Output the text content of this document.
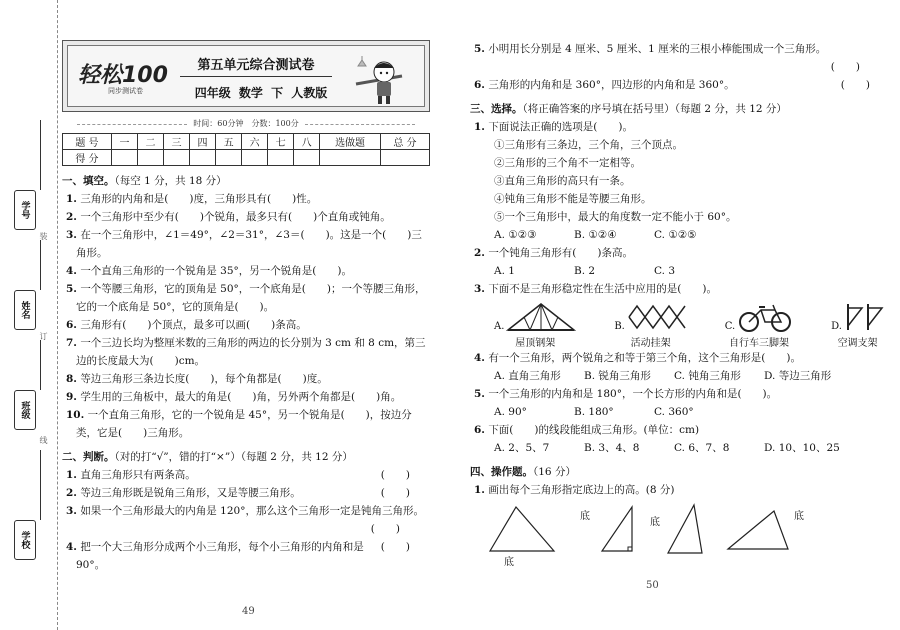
学号
姓名
班级
学校
装
订
线
轻松100
同步测试卷
第五单元综合测试卷
四年级 数学 下 人教版
时间：60分钟　分数：100分
题 号	一	二	三	四	五	六	七	八	选做题	总 分
得 分										
一、填空。（每空 1 分，共 18 分）
1. 三角形的内角和是(　　)度，三角形具有(　　)性。
2. 一个三角形中至少有(　　)个锐角，最多只有(　　)个直角或钝角。
3. 在一个三角形中，∠1＝49°，∠2＝31°，∠3＝(　　)。这是一个(　　)三角形。
4. 一个直角三角形的一个锐角是 35°，另一个锐角是(　　)。
5. 一个等腰三角形，它的顶角是 50°，一个底角是(　　)；一个等腰三角形，它的一个底角是 50°，它的顶角是(　　)。
6. 三角形有(　　)个顶点，最多可以画(　　)条高。
7. 一个三边长均为整厘米数的三角形的两边的长分别为 3 cm 和 8 cm，第三边的长度最大为(　　)cm。
8. 等边三角形三条边长度(　　)，每个角都是(　　)度。
9. 学生用的三角板中，最大的角是(　　)角，另外两个角都是(　　)角。
10. 一个直角三角形，它的一个锐角是 45°，另一个锐角是(　　)，按边分类，它是(　　)三角形。
二、判断。（对的打“√”，错的打“×”）（每题 2 分，共 12 分）
1. 直角三角形只有两条高。	(　　)
2. 等边三角形既是锐角三角形，又是等腰三角形。	(　　)
3. 如果一个三角形最大的内角是 120°，那么这个三角形一定是钝角三角形。
(　　)
4. 把一个大三角形分成两个小三角形，每个小三角形的内角和是 90°。
(　　)
49
5. 小明用长分别是 4 厘米、5 厘米、1 厘米的三根小棒能围成一个三角形。
(　　)
6. 三角形的内角和是 360°，四边形的内角和是 360°。	(　　)
三、选择。（将正确答案的序号填在括号里）（每题 2 分，共 12 分）
1. 下面说法正确的选项是(　　)。
①三角形有三条边，三个角，三个顶点。
②三角形的三个角不一定相等。
③直角三角形的高只有一条。
④钝角三角形不能是等腰三角形。
⑤一个三角形中，最大的角度数一定不能小于 60°。
A. ①②③	B. ①②④	C. ①②⑤
2. 一个钝角三角形有(　　)条高。
A. 1	B. 2	C. 3
3. 下面不是三角形稳定性在生活中应用的是(　　)。
A.
屋顶钢架
B.
活动挂架
C.
自行车三脚架
D.
空调支架
4. 有一个三角形，两个锐角之和等于第三个角，这个三角形是(　　)。
A. 直角三角形	B. 锐角三角形	C. 钝角三角形	D. 等边三角形
5. 一个三角形的内角和是 180°，一个长方形的内角和是(　　)。
A. 90°	B. 180°	C. 360°
6. 下面(　　)的线段能组成三角形。(单位：cm)
A. 2、5、7	B. 3、4、8	C. 6、7、8	D. 10、10、25
四、操作题。（16 分）
1. 画出每个三角形指定底边上的高。(8 分)
底
底
底
底
50
